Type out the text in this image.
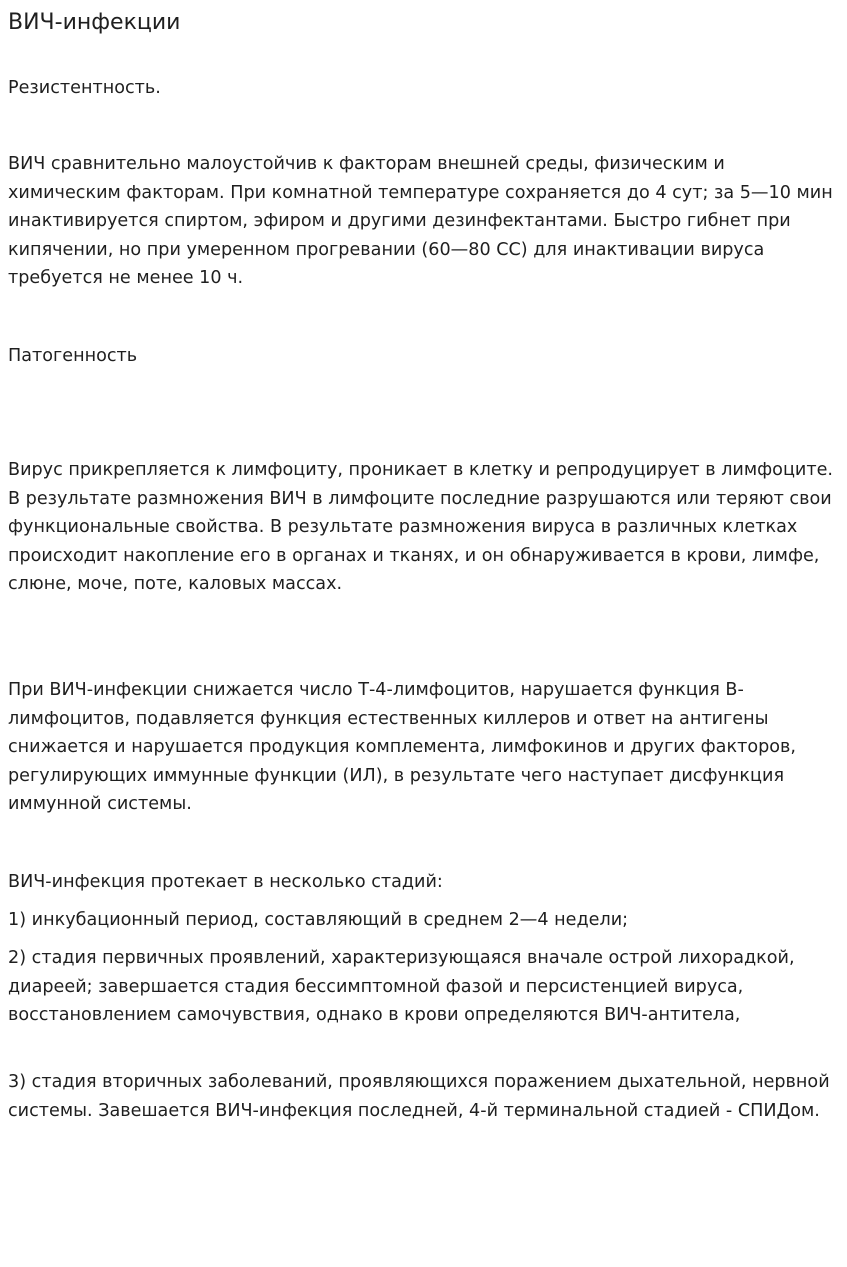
ВИЧ-инфекции

Резистентность.

ВИЧ сравнительно малоустойчив к факторам внешней среды, физическим и химическим факторам. При комнатной температуре сохраняется до 4 сут; за 5—10 мин инактивируется спиртом, эфиром и другими дезинфектантами. Быстро гибнет при кипячении, но при умеренном прогревании (60—80 СС) для инактивации вируса требуется не менее 10 ч.

Патогенность

Вирус прикрепляется к лимфоциту, проникает в клетку и репродуцирует в лимфоците. В результате размножения ВИЧ в лимфоците последние разрушаются или теряют свои функциональные свойства. В результате размножения вируса в различных клетках происходит накопление его в органах и тканях, и он обнаруживается в крови, лимфе, слюне, моче, поте, каловых массах.

При ВИЧ-инфекции снижается число Т-4-лимфоцитов, нарушается функция В-лимфоцитов, подавляется функция естественных киллеров и ответ на антигены снижается и нарушается продукция комплемента, лимфокинов и других факторов, регулирующих иммунные функции (ИЛ), в результате чего наступает дисфункция иммунной системы.

ВИЧ-инфекция протекает в несколько стадий:

1) инкубационный период, составляющий в среднем 2—4 недели;

2) стадия первичных проявлений, характеризующаяся вначале острой лихорадкой, диареей; завершается стадия бессимптомной фазой и персистенцией вируса, восстановлением самочувствия, однако в крови определяются ВИЧ-антитела,

3) стадия вторичных заболеваний, проявляющихся поражением дыхательной, нервной системы. Завешается ВИЧ-инфекция последней, 4-й терминальной стадией - СПИДом.
